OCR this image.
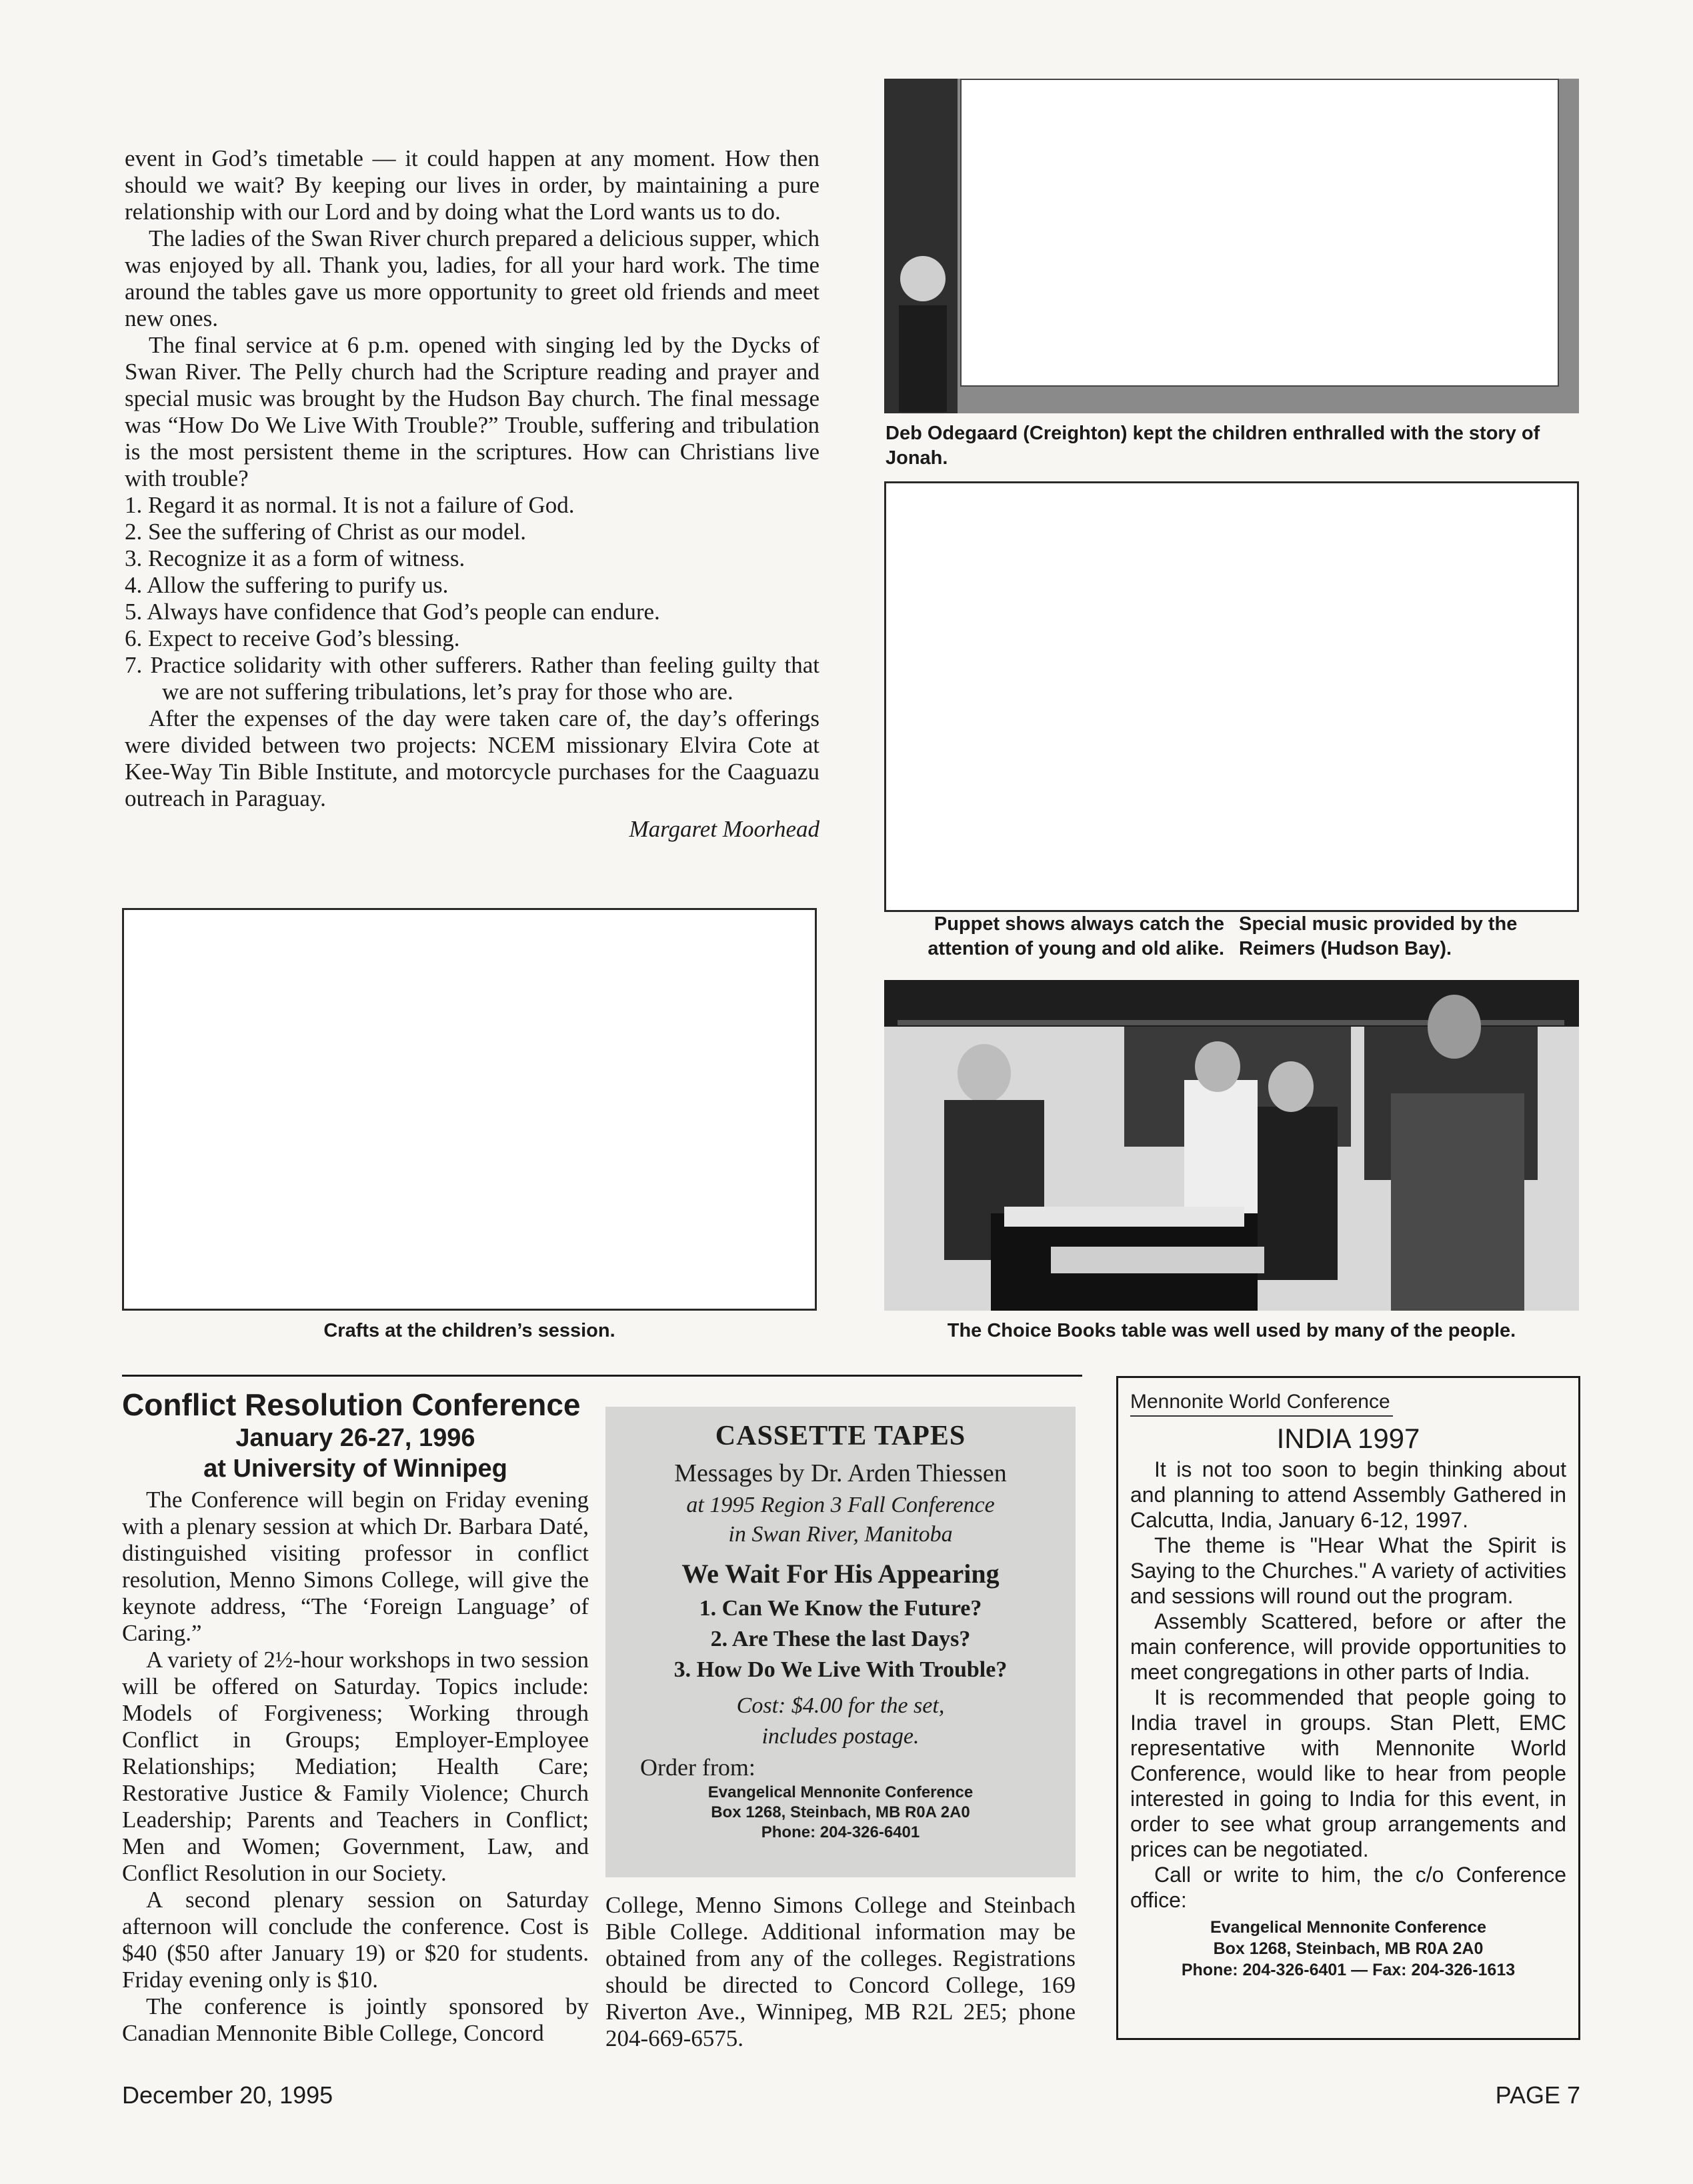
event in God’s timetable — it could happen at any moment. How then should we wait? By keeping our lives in order, by maintaining a pure relationship with our Lord and by doing what the Lord wants us to do.

The ladies of the Swan River church prepared a delicious supper, which was enjoyed by all. Thank you, ladies, for all your hard work. The time around the tables gave us more opportunity to greet old friends and meet new ones.

The final service at 6 p.m. opened with singing led by the Dycks of Swan River. The Pelly church had the Scripture reading and prayer and special music was brought by the Hudson Bay church. The final message was “How Do We Live With Trouble?” Trouble, suffering and tribulation is the most persistent theme in the scriptures. How can Christians live with trouble?

1. Regard it as normal. It is not a failure of God.
2. See the suffering of Christ as our model.
3. Recognize it as a form of witness.
4. Allow the suffering to purify us.
5. Always have confidence that God’s people can endure.
6. Expect to receive God’s blessing.
7. Practice solidarity with other sufferers. Rather than feeling guilty that we are not suffering tribulations, let’s pray for those who are.

After the expenses of the day were taken care of, the day’s offerings were divided between two projects: NCEM missionary Elvira Cote at Kee-Way Tin Bible Institute, and motorcycle purchases for the Caaguazu outreach in Paraguay.

Margaret Moorhead
Crafts at the children’s session.
Deb Odegaard (Creighton) kept the children enthralled with the story of Jonah.
Puppet shows always catch the attention of young and old alike.
Special music provided by the Reimers (Hudson Bay).
The Choice Books table was well used by many of the people.
Conflict Resolution Conference
January 26-27, 1996
at University of Winnipeg

The Conference will begin on Friday evening with a plenary session at which Dr. Barbara Daté, distinguished visiting professor in conflict resolution, Menno Simons College, will give the keynote address, “The ‘Foreign Language’ of Caring.”

A variety of 2½-hour workshops in two session will be offered on Saturday. Topics include: Models of Forgiveness; Working through Conflict in Groups; Employer-Employee Relationships; Mediation; Health Care; Restorative Justice & Family Violence; Church Leadership; Parents and Teachers in Conflict; Men and Women; Government, Law, and Conflict Resolution in our Society.

A second plenary session on Saturday afternoon will conclude the conference. Cost is $40 ($50 after January 19) or $20 for students. Friday evening only is $10.

The conference is jointly sponsored by Canadian Mennonite Bible College, Concord

CASSETTE TAPES
Messages by Dr. Arden Thiessen
at 1995 Region 3 Fall Conference
in Swan River, Manitoba
We Wait For His Appearing
1. Can We Know the Future?
2. Are These the last Days?
3. How Do We Live With Trouble?
Cost: $4.00 for the set,
includes postage.
Order from:
Evangelical Mennonite Conference
Box 1268, Steinbach, MB R0A 2A0
Phone: 204-326-6401

College, Menno Simons College and Steinbach Bible College. Additional information may be obtained from any of the colleges. Registrations should be directed to Concord College, 169 Riverton Ave., Winnipeg, MB R2L 2E5; phone 204-669-6575.

Mennonite World Conference
INDIA 1997

It is not too soon to begin thinking about and planning to attend Assembly Gathered in Calcutta, India, January 6-12, 1997.

The theme is "Hear What the Spirit is Saying to the Churches." A variety of activities and sessions will round out the program.

Assembly Scattered, before or after the main conference, will provide opportunities to meet congregations in other parts of India.

It is recommended that people going to India travel in groups. Stan Plett, EMC representative with Mennonite World Conference, would like to hear from people interested in going to India for this event, in order to see what group arrangements and prices can be negotiated.

Call or write to him, the c/o Conference office:

Evangelical Mennonite Conference
Box 1268, Steinbach, MB R0A 2A0
Phone: 204-326-6401 — Fax: 204-326-1613
December 20, 1995	PAGE 7
